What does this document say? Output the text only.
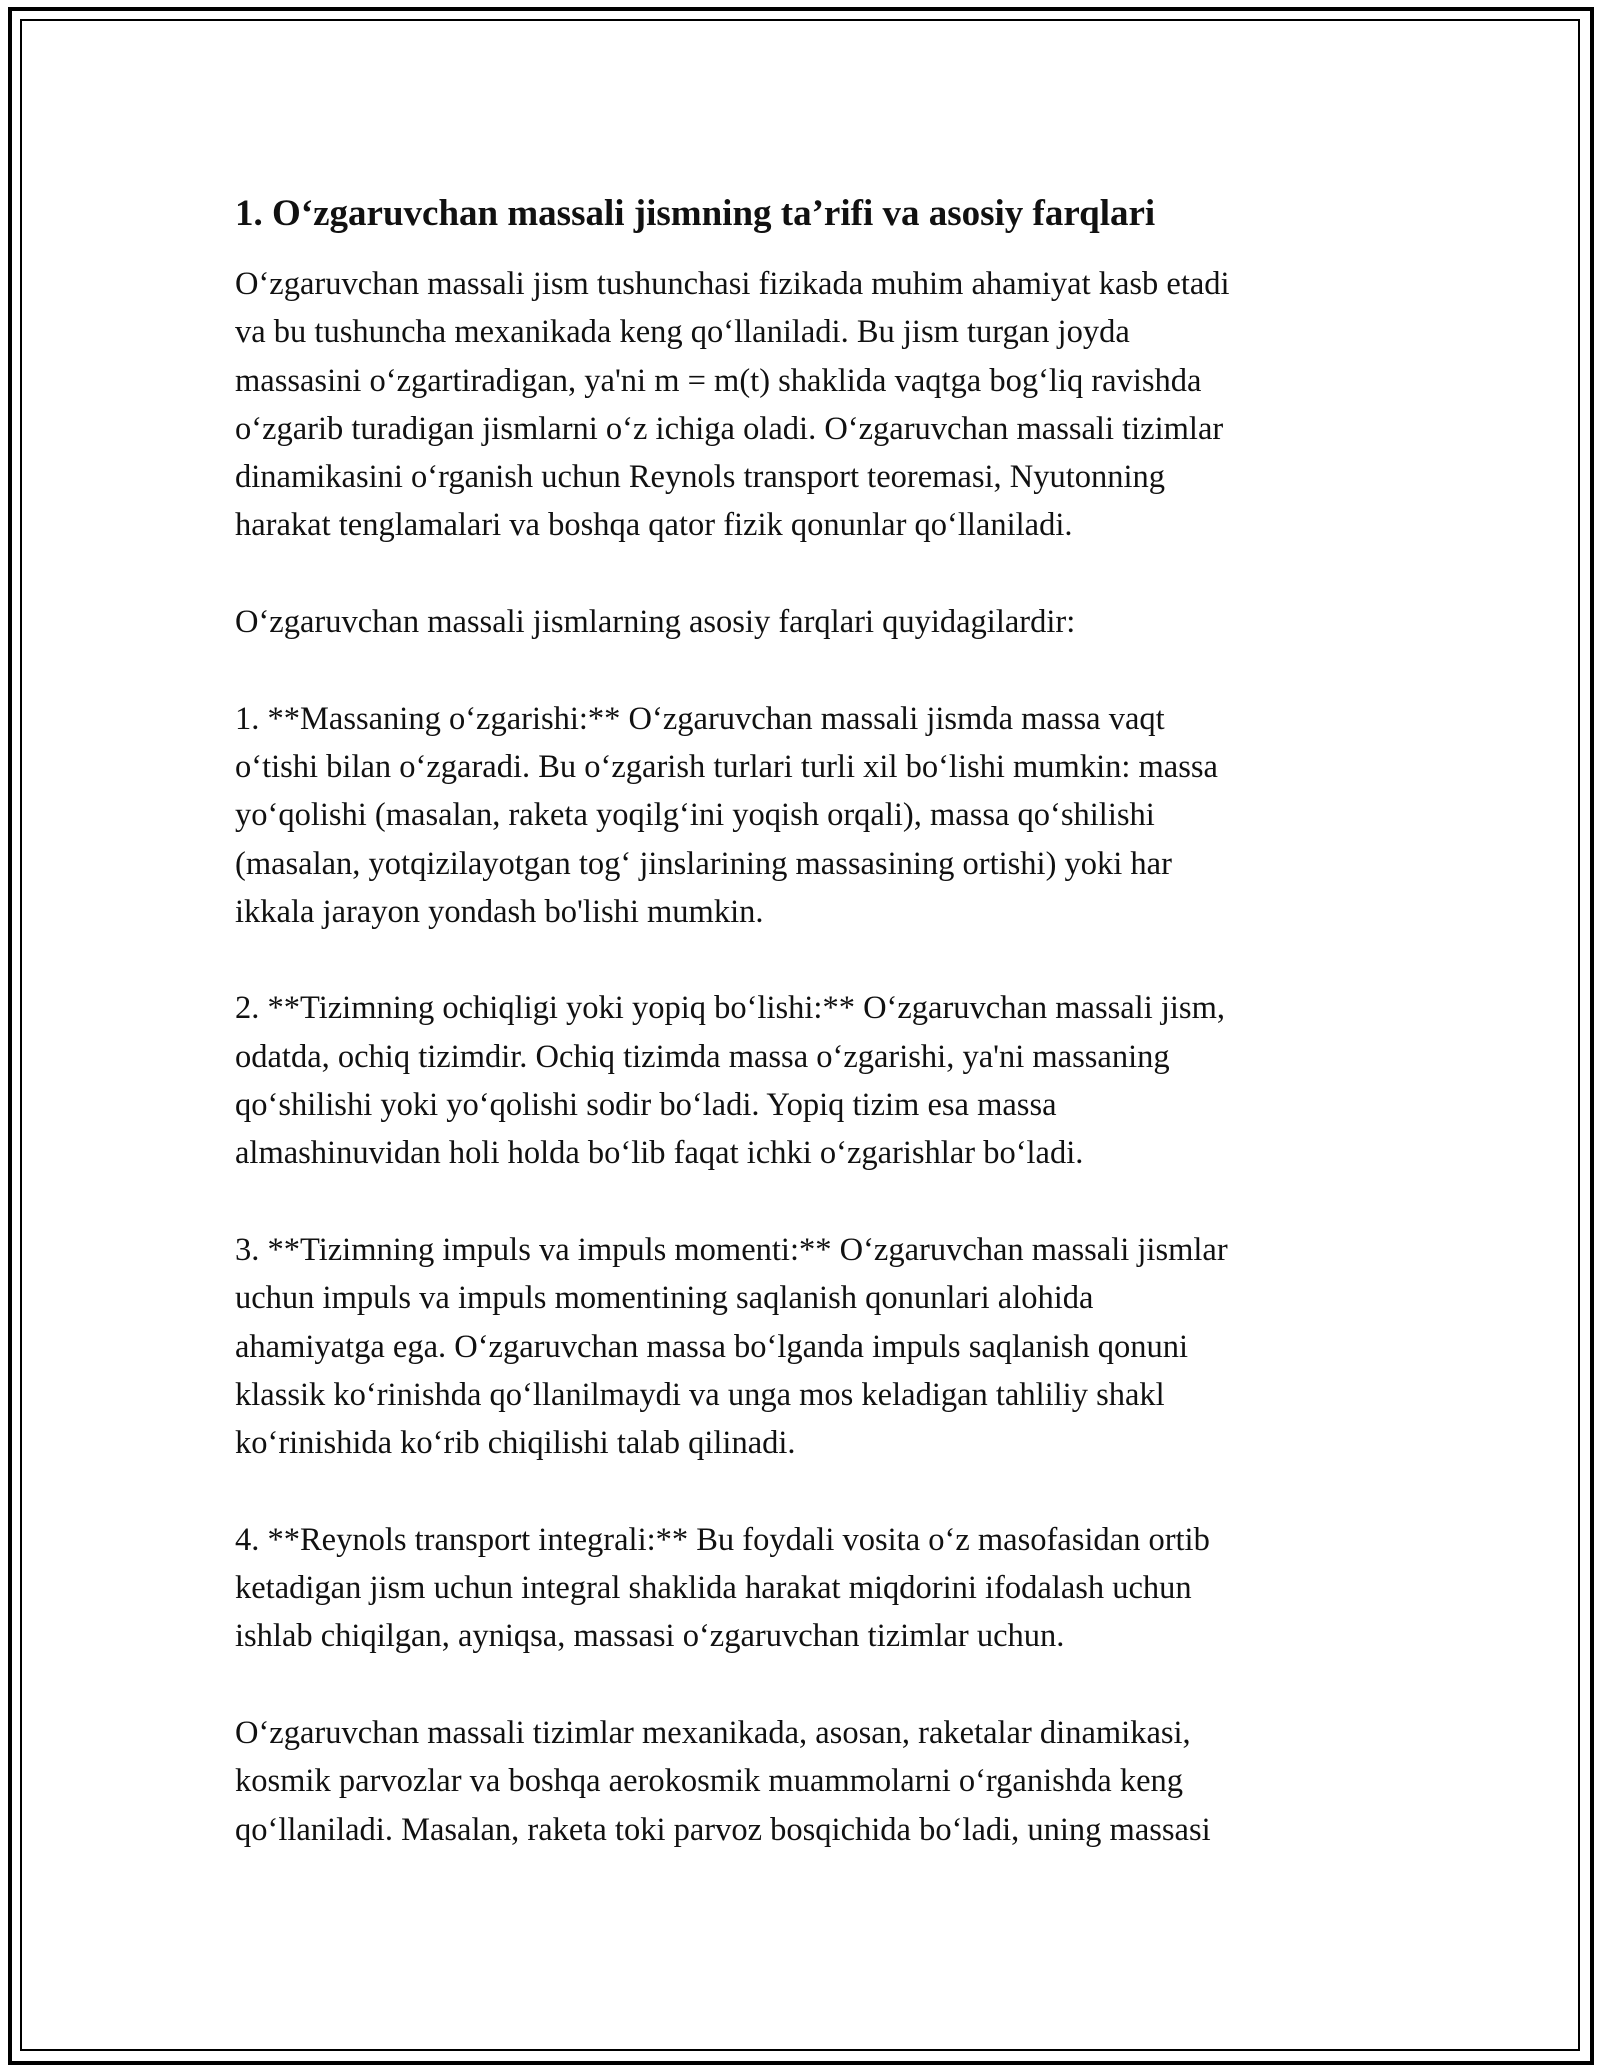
1. O‘zgaruvchan massali jismning ta’rifi va asosiy farqlari

O‘zgaruvchan massali jism tushunchasi fizikada muhim ahamiyat kasb etadi
va bu tushuncha mexanikada keng qo‘llaniladi. Bu jism turgan joyda
massasini o‘zgartiradigan, ya'ni m = m(t) shaklida vaqtga bog‘liq ravishda
o‘zgarib turadigan jismlarni o‘z ichiga oladi. O‘zgaruvchan massali tizimlar
dinamikasini o‘rganish uchun Reynols transport teoremasi, Nyutonning
harakat tenglamalari va boshqa qator fizik qonunlar qo‘llaniladi.

O‘zgaruvchan massali jismlarning asosiy farqlari quyidagilardir:

1. **Massaning o‘zgarishi:** O‘zgaruvchan massali jismda massa vaqt
o‘tishi bilan o‘zgaradi. Bu o‘zgarish turlari turli xil bo‘lishi mumkin: massa
yo‘qolishi (masalan, raketa yoqilg‘ini yoqish orqali), massa qo‘shilishi
(masalan, yotqizilayotgan tog‘ jinslarining massasining ortishi) yoki har
ikkala jarayon yondash bo'lishi mumkin.

2. **Tizimning ochiqligi yoki yopiq bo‘lishi:** O‘zgaruvchan massali jism,
odatda, ochiq tizimdir. Ochiq tizimda massa o‘zgarishi, ya'ni massaning
qo‘shilishi yoki yo‘qolishi sodir bo‘ladi. Yopiq tizim esa massa
almashinuvidan holi holda bo‘lib faqat ichki o‘zgarishlar bo‘ladi.

3. **Tizimning impuls va impuls momenti:** O‘zgaruvchan massali jismlar
uchun impuls va impuls momentining saqlanish qonunlari alohida
ahamiyatga ega. O‘zgaruvchan massa bo‘lganda impuls saqlanish qonuni
klassik ko‘rinishda qo‘llanilmaydi va unga mos keladigan tahliliy shakl
ko‘rinishida ko‘rib chiqilishi talab qilinadi.

4. **Reynols transport integrali:** Bu foydali vosita o‘z masofasidan ortib
ketadigan jism uchun integral shaklida harakat miqdorini ifodalash uchun
ishlab chiqilgan, ayniqsa, massasi o‘zgaruvchan tizimlar uchun.

O‘zgaruvchan massali tizimlar mexanikada, asosan, raketalar dinamikasi,
kosmik parvozlar va boshqa aerokosmik muammolarni o‘rganishda keng
qo‘llaniladi. Masalan, raketa toki parvoz bosqichida bo‘ladi, uning massasi
